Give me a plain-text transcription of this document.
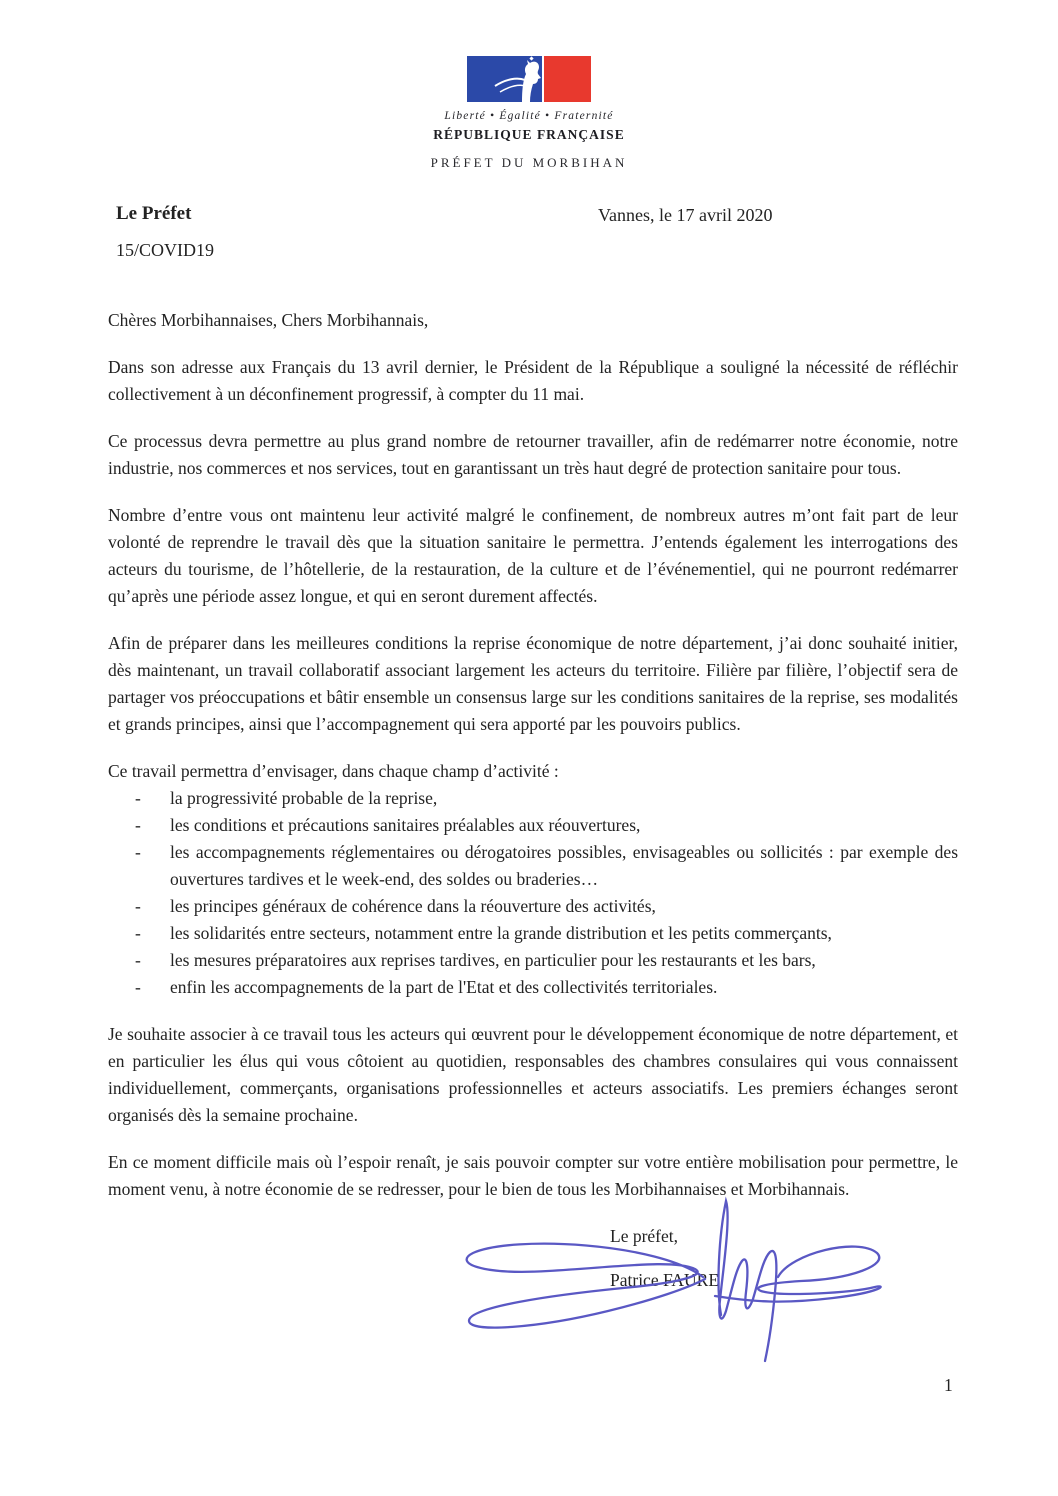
Liberté • Égalité • Fraternité
RÉPUBLIQUE FRANÇAISE
PRÉFET DU MORBIHAN
Le Préfet
15/COVID19
Vannes, le 17 avril 2020
Chères Morbihannaises, Chers Morbihannais,

Dans son adresse aux Français du 13 avril dernier, le Président de la République a souligné la nécessité de réfléchir collectivement à un déconfinement progressif, à compter du 11 mai.

Ce processus devra permettre au plus grand nombre de retourner travailler, afin de redémarrer notre économie, notre industrie, nos commerces et nos services, tout en garantissant un très haut degré de protection sanitaire pour tous.

Nombre d’entre vous ont maintenu leur activité malgré le confinement, de nombreux autres m’ont fait part de leur volonté de reprendre le travail dès que la situation sanitaire le permettra. J’entends également les interrogations des acteurs du tourisme, de l’hôtellerie, de la restauration, de la culture et de l’événementiel, qui ne pourront redémarrer qu’après une période assez longue, et qui en seront durement affectés.

Afin de préparer dans les meilleures conditions la reprise économique de notre département, j’ai donc souhaité initier, dès maintenant, un travail collaboratif associant largement les acteurs du territoire. Filière par filière, l’objectif sera de partager vos préoccupations et bâtir ensemble un consensus large sur les conditions sanitaires de la reprise, ses modalités et grands principes, ainsi que l’accompagnement qui sera apporté par les pouvoirs publics.

Ce travail permettra d’envisager, dans chaque champ d’activité :

-	la progressivité probable de la reprise,
-	les conditions et précautions sanitaires préalables aux réouvertures,
-	les accompagnements réglementaires ou dérogatoires possibles, envisageables ou sollicités : par exemple des ouvertures tardives et le week-end, des soldes ou braderies…
-	les principes généraux de cohérence dans la réouverture des activités,
-	les solidarités entre secteurs, notamment entre la grande distribution et les petits commerçants,
-	les mesures préparatoires aux reprises tardives, en particulier pour les restaurants et les bars,
-	enfin les accompagnements de la part de l'Etat et des collectivités territoriales.

Je souhaite associer à ce travail tous les acteurs qui œuvrent pour le développement économique de notre département, et en particulier les élus qui vous côtoient au quotidien, responsables des chambres consulaires qui vous connaissent individuellement, commerçants, organisations professionnelles et acteurs associatifs. Les premiers échanges seront organisés dès la semaine prochaine.

En ce moment difficile mais où l’espoir renaît, je sais pouvoir compter sur votre entière mobilisation pour permettre, le moment venu, à notre économie de se redresser, pour le bien de tous les Morbihannaises et Morbihannais.

Le préfet,
Patrice FAURE
1
